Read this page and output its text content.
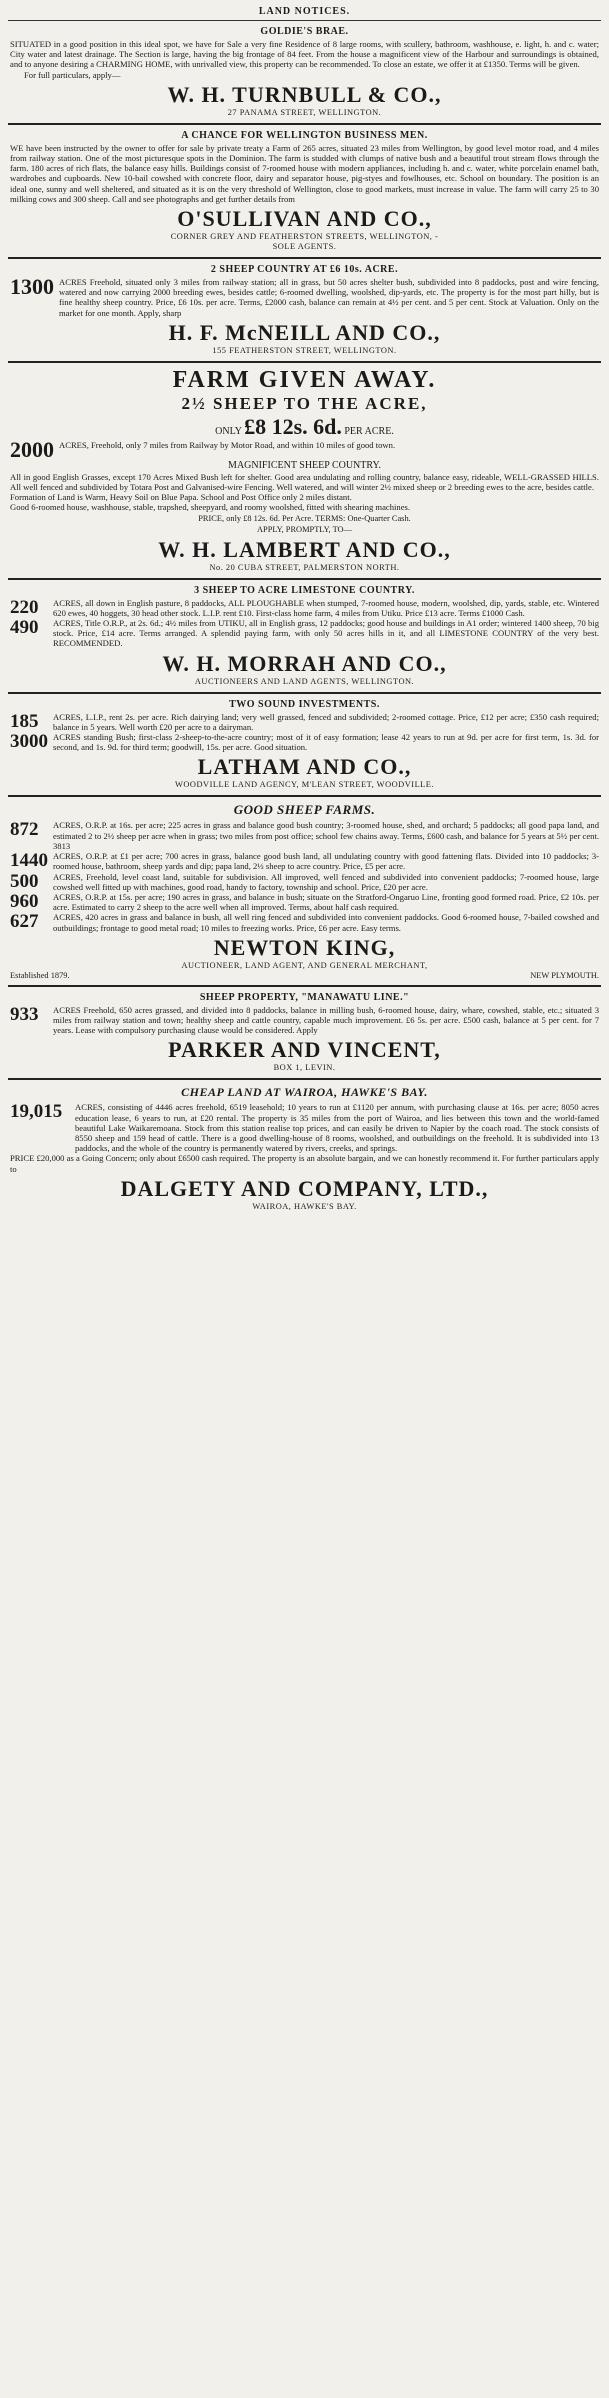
LAND NOTICES.
GOLDIE'S BRAE.

SITUATED in a good position in this ideal spot, we have for Sale a very fine Residence of 8 large rooms, with scullery, bathroom, washhouse, e. light, h. and c. water; City water and latest drainage. The Section is large, having the big frontage of 84 feet. From the house a magnificent view of the Harbour and surroundings is obtained, and to anyone desiring a CHARMING HOME, with unrivalled view, this property can be recommended. To close an estate, we offer it at £1350. Terms will be given.

For full particulars, apply—

W. H. TURNBULL & CO.,
27 PANAMA STREET, WELLINGTON.
A CHANCE FOR WELLINGTON BUSINESS MEN.

WE have been instructed by the owner to offer for sale by private treaty a Farm of 265 acres, situated 23 miles from Wellington, by good level motor road, and 4 miles from railway station. One of the most picturesque spots in the Dominion. The farm is studded with clumps of native bush and a beautiful trout stream flows through the farm. 180 acres of rich flats, the balance easy hills. Buildings consist of 7-roomed house with modern appliances, including h. and c. water, white porcelain enamel bath, wardrobes and cupboards. New 10-bail cowshed with concrete floor, dairy and separator house, pig-styes and fowlhouses, etc. School on boundary. The position is an ideal one, sunny and well sheltered, and situated as it is on the very threshold of Wellington, close to good markets, must increase in value. The farm will carry 25 to 30 milking cows and 300 sheep. Call and see photographs and get further details from

O'SULLIVAN AND CO.,
CORNER GREY AND FEATHERSTON STREETS, WELLINGTON, -
SOLE AGENTS.
2 SHEEP COUNTRY AT £6 10s. ACRE.
1300 ACRES Freehold, situated only 3 miles from railway station; all in grass, but 50 acres shelter bush, subdivided into 8 paddocks, post and wire fencing, watered and now carrying 2000 breeding ewes, besides cattle; 6-roomed dwelling, woolshed, dip-yards, etc. The property is for the most part hilly, but is fine healthy sheep country. Price, £6 10s. per acre. Terms, £2000 cash, balance can remain at 4½ per cent. and 5 per cent. Stock at Valuation. Only on the market for one month. Apply, sharp

H. F. McNEILL AND CO.,
155 FEATHERSTON STREET, WELLINGTON.
FARM GIVEN AWAY.
2½ SHEEP TO THE ACRE,
ONLY £8 12s. 6d. PER ACRE.
2000 ACRES, Freehold, only 7 miles from Railway by Motor Road, and within 10 miles of good town.

MAGNIFICENT SHEEP COUNTRY.

All in good English Grasses, except 170 Acres Mixed Bush left for shelter. Good area undulating and rolling country, balance easy, rideable, WELL-GRASSED HILLS. All well fenced and subdivided by Totara Post and Galvanised-wire Fencing. Well watered, and will winter 2½ mixed sheep or 2 breeding ewes to the acre, besides cattle.

Formation of Land is Warm, Heavy Soil on Blue Papa. School and Post Office only 2 miles distant.

Good 6-roomed house, washhouse, stable, trapshed, sheepyard, and roomy woolshed, fitted with shearing machines.

PRICE, only £8 12s. 6d. Per Acre. TERMS: One-Quarter Cash.
APPLY, PROMPTLY, TO—
W. H. LAMBERT AND CO.,
No. 20 CUBA STREET, PALMERSTON NORTH.
3 SHEEP TO ACRE LIMESTONE COUNTRY.
220	ACRES, all down in English pasture, 8 paddocks, ALL PLOUGHABLE when stumped, 7-roomed house, modern, woolshed, dip, yards, stable, etc. Wintered 620 ewes, 40 hoggets, 30 head other stock. L.I.P. rent £10. First-class home farm, 4 miles from Utiku. Price £13 acre. Terms £1000 Cash.

490	ACRES, Title O.R.P., at 2s. 6d.; 4½ miles from UTIKU, all in English grass, 12 paddocks; good house and buildings in A1 order; wintered 1400 sheep, 70 big stock. Price, £14 acre. Terms arranged. A splendid paying farm, with only 50 acres hills in it, and all LIMESTONE COUNTRY of the very best. RECOMMENDED.

W. H. MORRAH AND CO.,
AUCTIONEERS AND LAND AGENTS, WELLINGTON.
TWO SOUND INVESTMENTS.
185	ACRES, L.I.P., rent 2s. per acre. Rich dairying land; very well grassed, fenced and subdivided; 2-roomed cottage. Price, £12 per acre; £350 cash required; balance in 5 years. Well worth £20 per acre to a dairyman.

3000 ACRES standing Bush; first-class 2-sheep-to-the-acre country; most of it of easy formation; lease 42 years to run at 9d. per acre for first term, 1s. 3d. for second, and 1s. 9d. for third term; goodwill, 15s. per acre. Good situation.

LATHAM AND CO.,
WOODVILLE LAND AGENCY, M'LEAN STREET, WOODVILLE.
GOOD SHEEP FARMS.
872	ACRES, O.R.P. at 16s. per acre; 225 acres in grass and balance good bush country; 3-roomed house, shed, and orchard; 5 paddocks; all good papa land, and estimated 2 to 2½ sheep per acre when in grass; two miles from post office; school few chains away. Terms, £600 cash, and balance for 5 years at 5½ per cent. 3813

1440 ACRES, O.R.P. at £1 per acre; 700 acres in grass, balance good bush land, all undulating country with good fattening flats. Divided into 10 paddocks; 3-roomed house, bathroom, sheep yards and dip; papa land, 2½ sheep to acre country. Price, £5 per acre.

500	ACRES, Freehold, level coast land, suitable for subdivision. All improved, well fenced and subdivided into convenient paddocks; 7-roomed house, large cowshed well fitted up with machines, good road, handy to factory, township and school. Price, £20 per acre.

960	ACRES, O.R.P. at 15s. per acre; 190 acres in grass, and balance in bush; situate on the Stratford-Ongaruo Line, fronting good formed road. Price, £2 10s. per acre. Estimated to carry 2 sheep to the acre well when all improved. Terms, about half cash required.

627	ACRES, 420 acres in grass and balance in bush, all well ring fenced and subdivided into convenient paddocks. Good 6-roomed house, 7-bailed cowshed and outbuildings; frontage to good metal road; 10 miles to freezing works. Price, £6 per acre. Easy terms.

NEWTON KING,
AUCTIONEER, LAND AGENT, AND GENERAL MERCHANT,
Established 1879.	NEW PLYMOUTH.
SHEEP PROPERTY, "MANAWATU LINE."
933	ACRES Freehold, 650 acres grassed, and divided into 8 paddocks, balance in milling bush, 6-roomed house, dairy, whare, cowshed, stable, etc.; situated 3 miles from railway station and town; healthy sheep and cattle country, capable much improvement. £6 5s. per acre. £500 cash, balance at 5 per cent. for 7 years. Lease with compulsory purchasing clause would be considered. Apply

PARKER AND VINCENT,
BOX 1, LEVIN.
CHEAP LAND AT WAIROA, HAWKE'S BAY.
19,015	ACRES, consisting of 4446 acres freehold, 6519 leasehold; 10 years to run at £1120 per annum, with purchasing clause at 16s. per acre; 8050 acres education lease, 6 years to run, at £20 rental. The property is 35 miles from the port of Wairoa, and lies between this town and the world-famed beautiful Lake Waikaremoana. Stock from this station realise top prices, and can easily be driven to Napier by the coach road. The stock consists of 8550 sheep and 159 head of cattle. There is a good dwelling-house of 8 rooms, woolshed, and outbuildings on the freehold. It is subdivided into 13 paddocks, and the whole of the country is permanently watered by rivers, creeks, and springs.

PRICE £20,000 as a Going Concern; only about £6500 cash required. The property is an absolute bargain, and we can honestly recommend it. For further particulars apply to

DALGETY AND COMPANY, LTD.,
WAIROA, HAWKE'S BAY.
